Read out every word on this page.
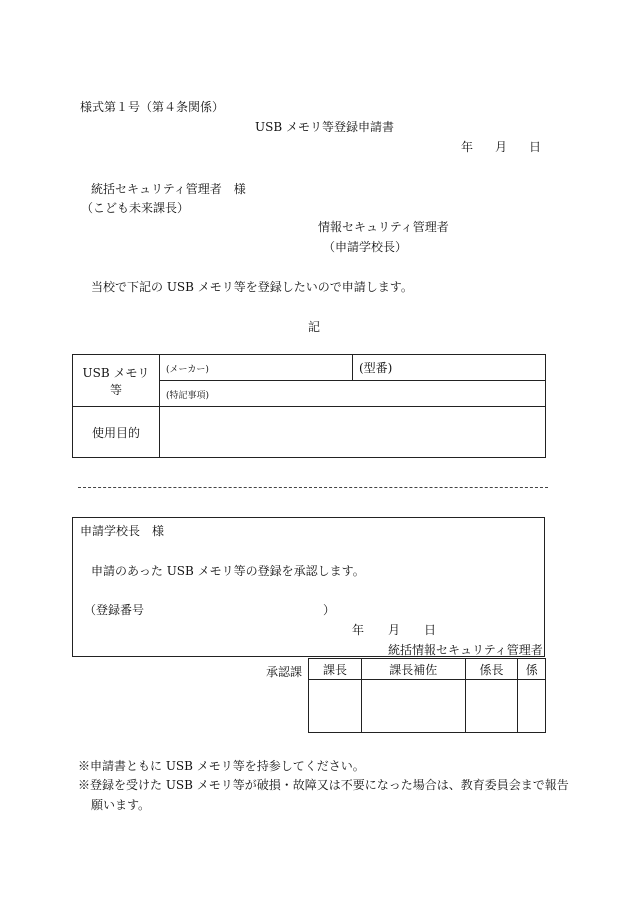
様式第１号（第４条関係）
USB メモリ等登録申請書
年 月 日
統括セキュリティ管理者　様
（こども未来課長）
情報セキュリティ管理者
（申請学校長）
当校で下記の USB メモリ等を登録したいので申請します。
記
USB メモリ等	(メーカー)	(型番)
	(特記事項)	
使用目的		
申請学校長　様
申請のあった USB メモリ等の登録を承認します。
（登録番号	）
年 月 日
統括情報セキュリティ管理者
承認課 課長	課長補佐	係長	係

※申請書ともに USB メモリ等を持参してください。
※登録を受けた USB メモリ等が破損・故障又は不要になった場合は、教育委員会まで報告
願います。
